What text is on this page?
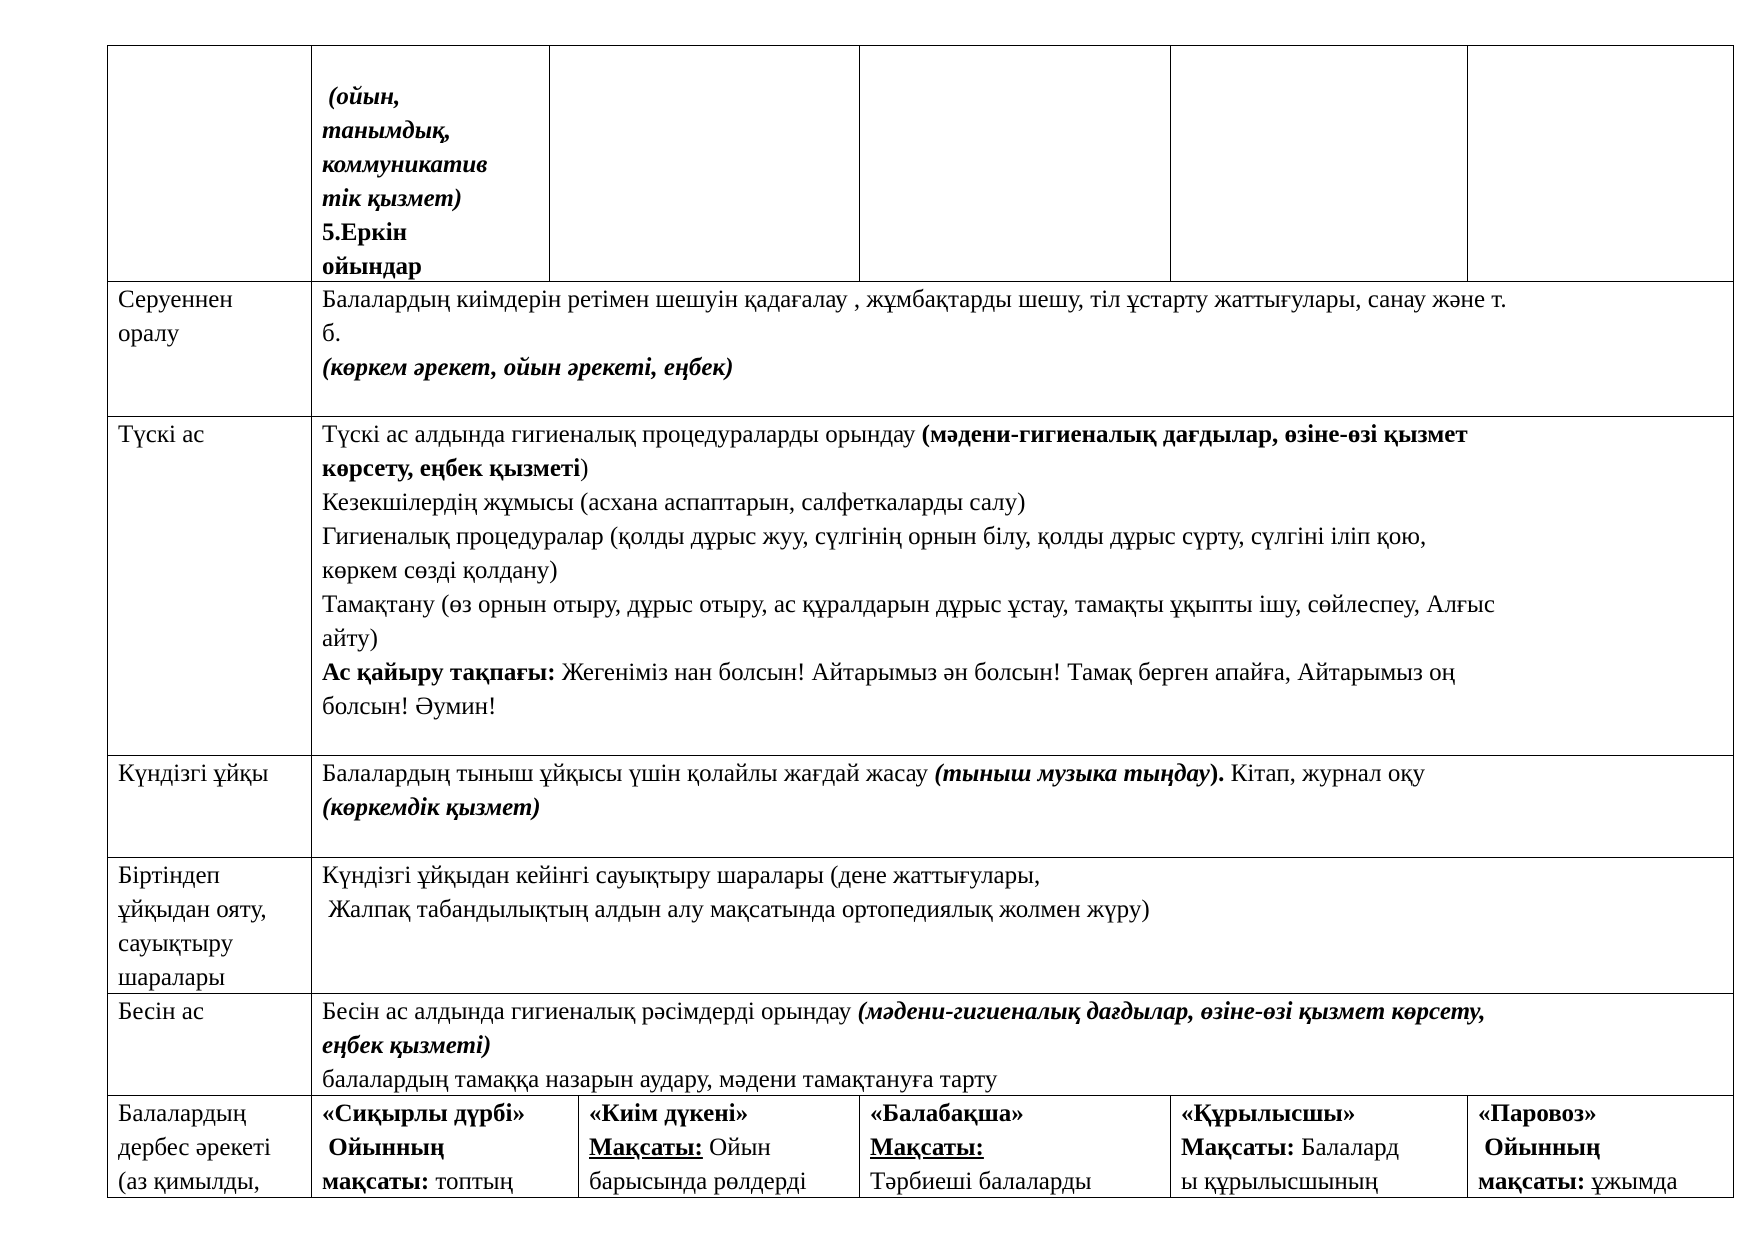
(ойын,
танымдық,
коммуникатив
тік қызмет)
5.Еркін
ойындар
Серуеннен
оралу
Балалардың киімдерін ретімен шешуін қадағалау , жұмбақтарды шешу, тіл ұстарту жаттығулары, санау және т.
б.
(көркем әрекет, ойын әрекеті, еңбек)
Түскі ас	Түскі ас алдында гигиеналық процедураларды орындау (мәдени-гигиеналық дағдылар, өзіне-өзі қызмет
көрсету, еңбек қызметі)
Кезекшілердің жұмысы (асхана аспаптарын, салфеткаларды салу)
Гигиеналық процедуралар (қолды дұрыс жуу, сүлгінің орнын білу, қолды дұрыс сүрту, сүлгіні іліп қою,
көркем сөзді қолдану)
Тамақтану (өз орнын отыру, дұрыс отыру, ас құралдарын дұрыс ұстау, тамақты ұқыпты ішу, сөйлеспеу, Алғыс
айту)
Ас қайыру тақпағы: Жегеніміз нан болсын! Айтарымыз ән болсын! Тамақ берген апайға, Айтарымыз оң
болсын! Әумин!
Күндізгі ұйқы Балалардың тыныш ұйқысы үшін қолайлы жағдай жасау (тыныш музыка тыңдау). Кітап, журнал оқу
(көркемдік қызмет)
Біртіндеп
ұйқыдан ояту,
сауықтыру
шаралары
Күндізгі ұйқыдан кейінгі сауықтыру шаралары (дене жаттығулары,
Жалпақ табандылықтың алдын алу мақсатында ортопедиялық жолмен жүру)
Бесін ас	Бесін ас алдында гигиеналық рәсімдерді орындау (мәдени-гигиеналық дағдылар, өзіне-өзі қызмет көрсету,
еңбек қызметі)
балалардың тамаққа назарын аудару, мәдени тамақтануға тарту
Балалардың
дербес әрекеті
(аз қимылды,
«Сиқырлы дүрбі»
Ойынның
мақсаты: топтың
«Киім дүкені»
Мақсаты: Ойын
барысында рөлдерді
«Балабақша»
Мақсаты:
Тәрбиеші балаларды
«Құрылысшы»
Мақсаты: Балалард
ы құрылысшының
«Паровоз»
Ойынның
мақсаты: ұжымда
